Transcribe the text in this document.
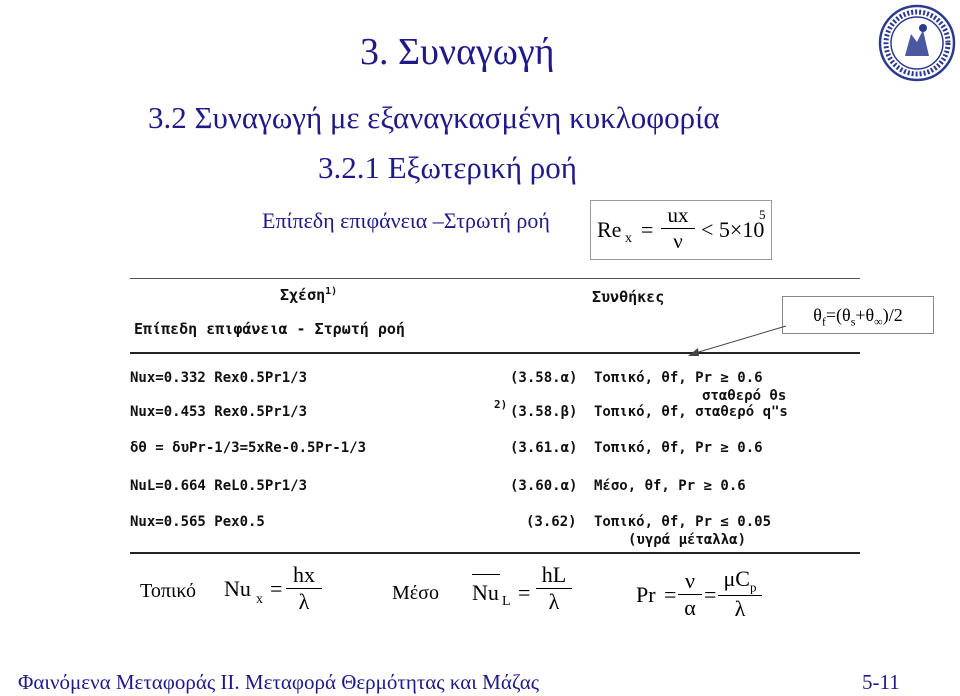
3. Συναγωγή
3.2 Συναγωγή με εξαναγκασμένη κυκλοφορία
3.2.1 Εξωτερική ροή
Επίπεδη επιφάνεια –Στρωτή ροή Re $x = \frac{ux}{\nu} < 5\times 10$
5
$\theta_f=(\theta_s+\theta_\infty)/2$
Σχέση$^{1)}$	Συνθήκες
Επίπεδη επιφάνεια - Στρωτή ροή
Nux=0.332 Rex0.5Pr1/3	(3.58.α) Τοπικό, θf, Pr ≥ 0.6
σταθερό θs
Nux=0.453 Rex0.5Pr1/3	2) (3.58.β) Τοπικό, θf, σταθερό q"s
δθ = δυPr-1/3=5xRe-0.5Pr-1/3	(3.61.α) Τοπικό, θf, Pr ≥ 0.6
NuL=0.664 ReL0.5Pr1/3	(3.60.α) Μέσο, θf, Pr ≥ 0.6
Nux=0.565 Pex0.5	(3.62) Τοπικό, θf, Pr ≤ 0.05
(υγρά μέταλλα)
Τοπικό Nu $x = \frac{hx}{\lambda}$	Μέσο Nu $L = \frac{hL}{\lambda}$	$Pr = \frac{\nu}{\alpha}$ =
$\mu C_p$
λ
Φαινόμενα Μεταφοράς ΙΙ. Μεταφορά Θερμότητας και Μάζας	5-11
